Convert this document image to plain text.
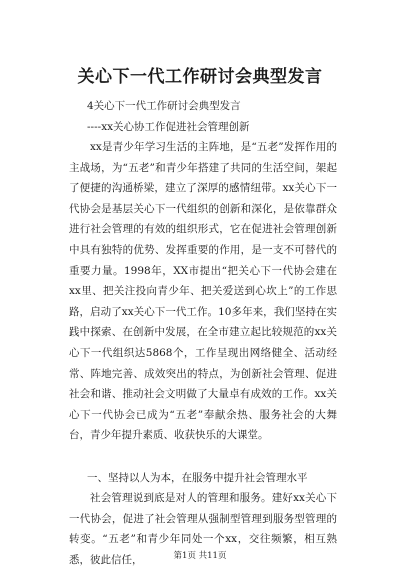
关心下一代工作研讨会典型发言
4关心下一代工作研讨会典型发言
----xx关心协工作促进社会管理创新

xx是青少年学习生活的主阵地，是“五老”发挥作用的主战场，为“五老”和青少年搭建了共同的生活空间，架起了便捷的沟通桥梁，建立了深厚的感情纽带。xx关心下一代协会是基层关心下一代组织的创新和深化，是依靠群众进行社会管理的有效的组织形式，它在促进社会管理创新中具有独特的优势、发挥重要的作用，是一支不可替代的重要力量。1998年，XX市提出“把关心下一代协会建在xx里、把关注投向青少年、把关爱送到心坎上”的工作思路，启动了xx关心下一代工作。10多年来，我们坚持在实践中探索、在创新中发展，在全市建立起比较规范的xx关心下一代组织达5868个，工作呈现出网络健全、活动经常、阵地完善、成效突出的特点，为创新社会管理、促进社会和谐、推动社会文明做了大量卓有成效的工作。xx关心下一代协会已成为“五老”奉献余热、服务社会的大舞台，青少年提升素质、收获快乐的大课堂。

一、坚持以人为本，在服务中提升社会管理水平

社会管理说到底是对人的管理和服务。建好xx关心下一代协会，促进了社会管理从强制型管理到服务型管理的转变。“五老”和青少年同处一个xx，交往频繁，相互熟悉，彼此信任，	第1页 共11页
